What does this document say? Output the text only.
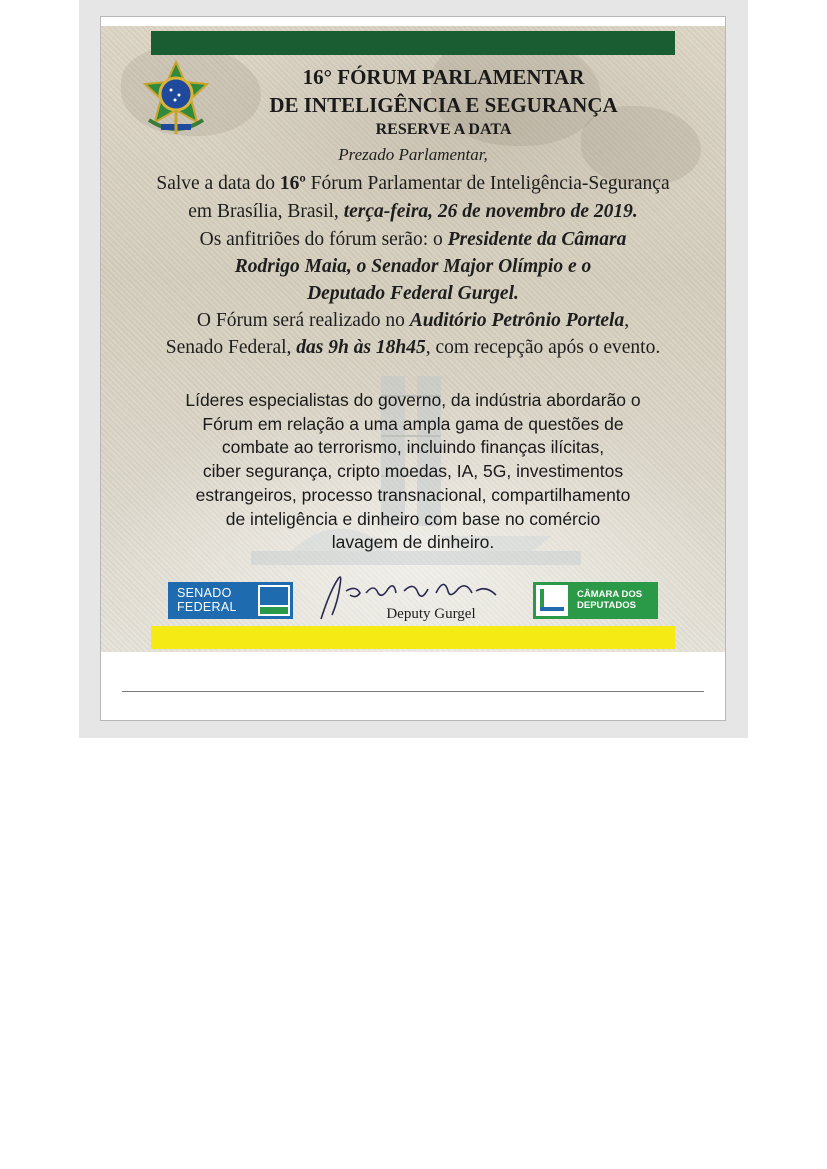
16° FÓRUM PARLAMENTAR
DE INTELIGÊNCIA E SEGURANÇA
RESERVE A DATA
Prezado Parlamentar,
Salve a data do 16º Fórum Parlamentar de Inteligência-Segurança
em Brasília, Brasil, terça-feira, 26 de novembro de 2019.
Os anfitriões do fórum serão: o Presidente da Câmara
Rodrigo Maia, o Senador Major Olímpio e o
Deputado Federal Gurgel.
O Fórum será realizado no Auditório Petrônio Portela,
Senado Federal, das 9h às 18h45, com recepção após o evento.
Líderes especialistas do governo, da indústria abordarão o
Fórum em relação a uma ampla gama de questões de
combate ao terrorismo, incluindo finanças ilícitas,
ciber segurança, cripto moedas, IA, 5G, investimentos
estrangeiros, processo transnacional, compartilhamento
de inteligência e dinheiro com base no comércio
lavagem de dinheiro.
SENADO
FEDERAL	Deputy Gurgel
CÂMARA DOS
DEPUTADOS
